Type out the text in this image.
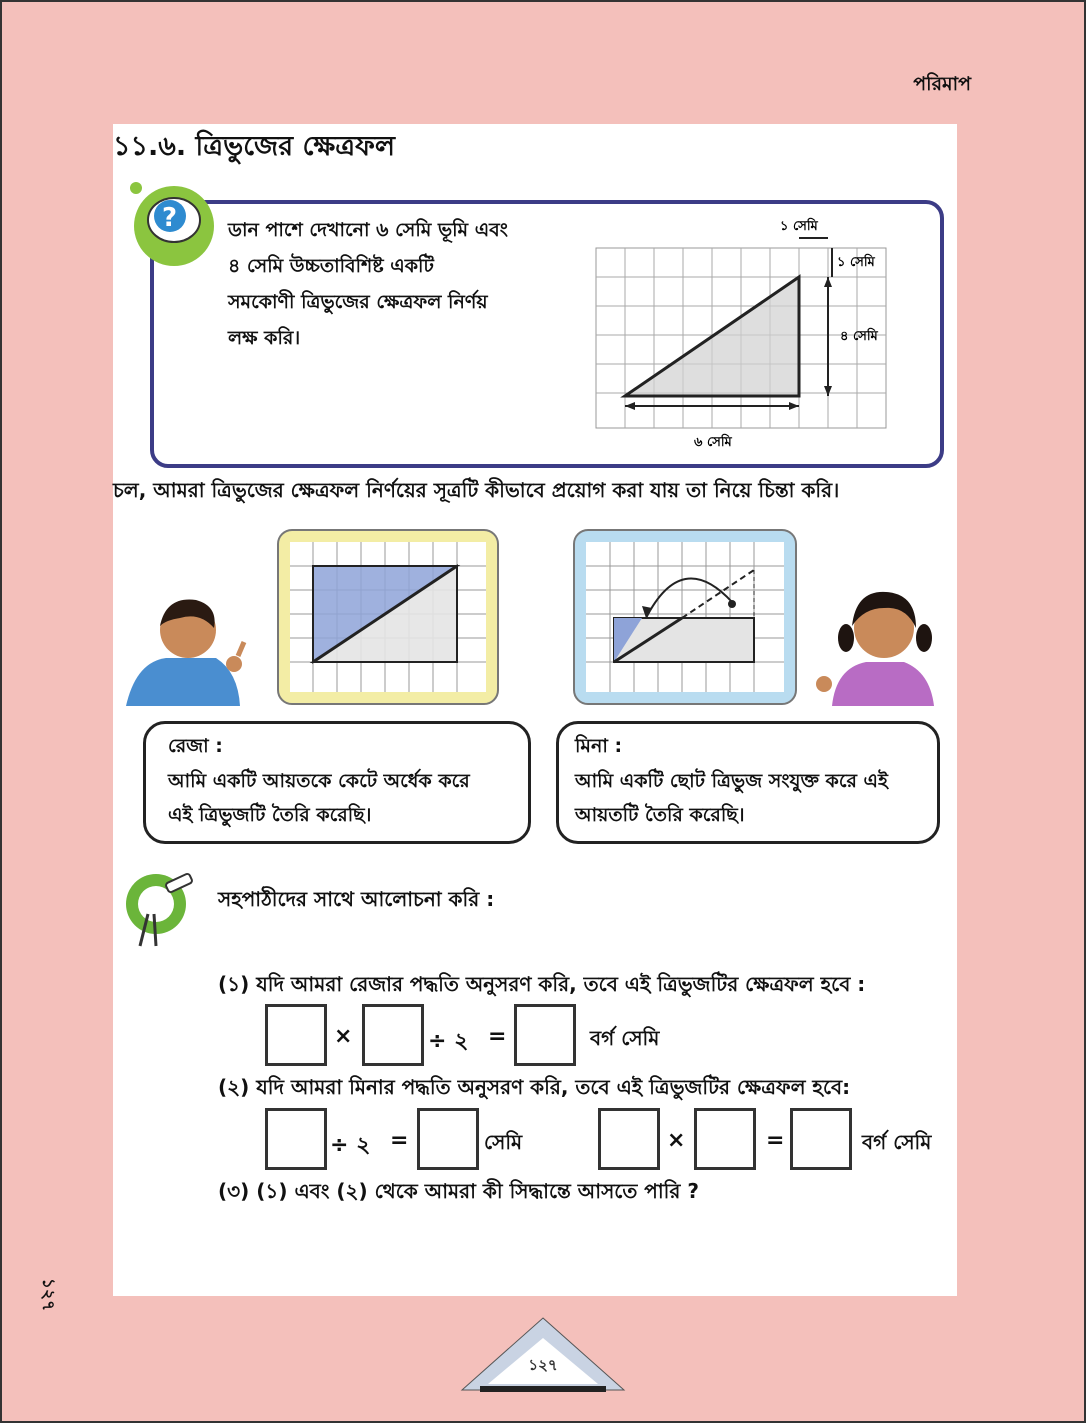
পরিমাপ
১২৭
১১.৬. ত্রিভুজের ক্ষেত্রফল
?	ডান পাশে দেখানো ৬ সেমি ভূমি এবং
৪ সেমি উচ্চতাবিশিষ্ট একটি
সমকোণী ত্রিভুজের ক্ষেত্রফল নির্ণয়
লক্ষ করি।
১ সেমি
১ সেমি
৪ সেমি
৬ সেমি
চল, আমরা ত্রিভুজের ক্ষেত্রফল নির্ণয়ের সূত্রটি কীভাবে প্রয়োগ করা যায় তা নিয়ে চিন্তা করি।
রেজা :
আমি একটি আয়তকে কেটে অর্ধেক করে
এই ত্রিভুজটি তৈরি করেছি।
মিনা :
আমি একটি ছোট ত্রিভুজ সংযুক্ত করে এই
আয়তটি তৈরি করেছি।
সহপাঠীদের সাথে আলোচনা করি :
(১) যদি আমরা রেজার পদ্ধতি অনুসরণ করি, তবে এই ত্রিভুজটির ক্ষেত্রফল হবে :
×	÷ ২ =	বর্গ সেমি
(২) যদি আমরা মিনার পদ্ধতি অনুসরণ করি, তবে এই ত্রিভুজটির ক্ষেত্রফল হবে:
÷ ২ =	সেমি	×	=	বর্গ সেমি
(৩) (১) এবং (২) থেকে আমরা কী সিদ্ধান্তে আসতে পারি ?
১২৭
